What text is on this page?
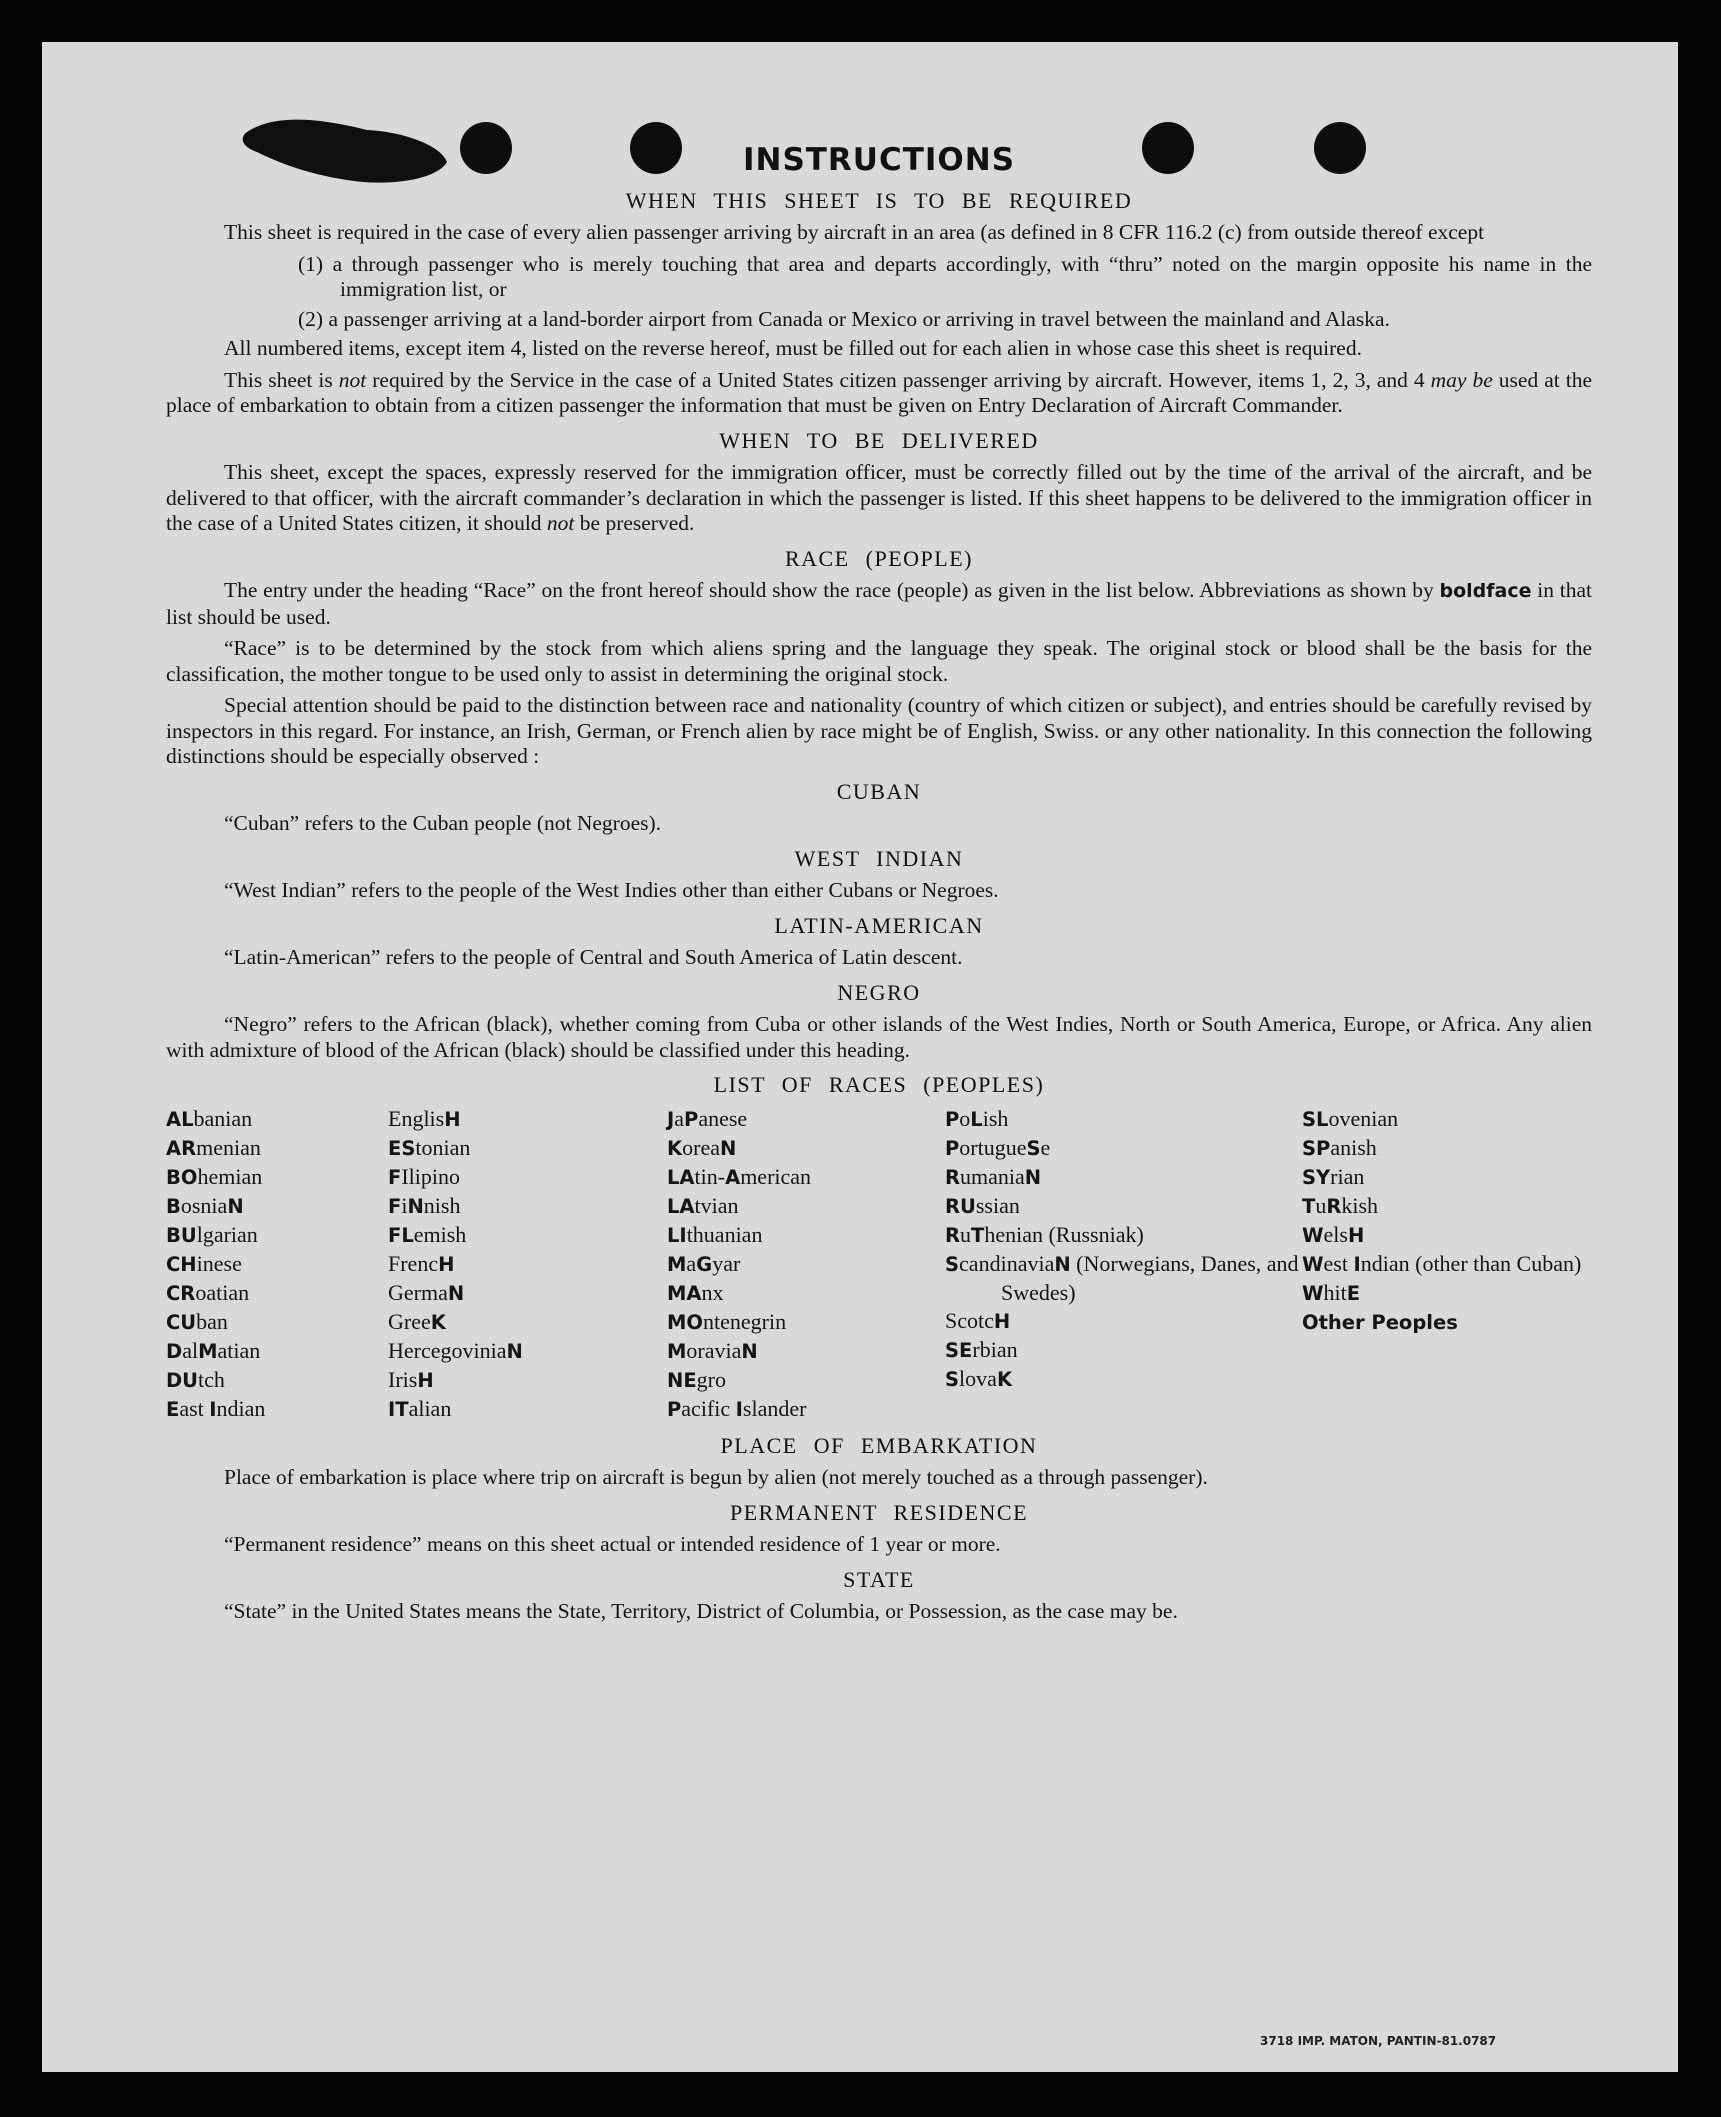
INSTRUCTIONS
WHEN THIS SHEET IS TO BE REQUIRED

This sheet is required in the case of every alien passenger arriving by aircraft in an area (as defined in 8 CFR 116.2 (c) from outside thereof except

(1) a through passenger who is merely touching that area and departs accordingly, with “thru” noted on the margin opposite his name in the immigration list, or

(2) a passenger arriving at a land-border airport from Canada or Mexico or arriving in travel between the mainland and Alaska.

All numbered items, except item 4, listed on the reverse hereof, must be filled out for each alien in whose case this sheet is required.

This sheet is not required by the Service in the case of a United States citizen passenger arriving by aircraft. However, items 1, 2, 3, and 4 may be used at the place of embarkation to obtain from a citizen passenger the information that must be given on Entry Declaration of Aircraft Commander.

WHEN TO BE DELIVERED

This sheet, except the spaces, expressly reserved for the immigration officer, must be correctly filled out by the time of the arrival of the aircraft, and be delivered to that officer, with the aircraft commander’s declaration in which the passenger is listed. If this sheet happens to be delivered to the immigration officer in the case of a United States citizen, it should not be preserved.

RACE (PEOPLE)

The entry under the heading “Race” on the front hereof should show the race (people) as given in the list below. Abbreviations as shown by boldface in that list should be used.

“Race” is to be determined by the stock from which aliens spring and the language they speak. The original stock or blood shall be the basis for the classification, the mother tongue to be used only to assist in determining the original stock.

Special attention should be paid to the distinction between race and nationality (country of which citizen or subject), and entries should be carefully revised by inspectors in this regard. For instance, an Irish, German, or French alien by race might be of English, Swiss. or any other nationality. In this connection the following distinctions should be especially observed :

CUBAN

“Cuban” refers to the Cuban people (not Negroes).

WEST INDIAN

“West Indian” refers to the people of the West Indies other than either Cubans or Negroes.

LATIN-AMERICAN

“Latin-American” refers to the people of Central and South America of Latin descent.

NEGRO

“Negro” refers to the African (black), whether coming from Cuba or other islands of the West Indies, North or South America, Europe, or Africa. Any alien with admixture of blood of the African (black) should be classified under this heading.

LIST OF RACES (PEOPLES)
ALbanian
ARmenian
BOhemian
BosniaN
BUlgarian
CHinese
CRoatian
CUban
DalMatian
DUtch
East Indian
EnglisH
EStonian
FIlipino
FiNnish
FLemish
FrencH
GermaN
GreeK
HercegoviniaN
IrisH
ITalian
JaPanese
KoreaN
LAtin-American
LAtvian
LIthuanian
MaGyar
MAnx
MOntenegrin
MoraviaN
NEgro
Pacific Islander
PoLish
PortugueSe
RumaniaN
RUssian
RuThenian (Russniak)
ScandinaviaN (Norwegians, Danes, and Swedes)
ScotcH
SErbian
SlovaK
SLovenian
SPanish
SYrian
TuRkish
WelsH
West Indian (other than Cuban)
WhitE
Other Peoples
PLACE OF EMBARKATION

Place of embarkation is place where trip on aircraft is begun by alien (not merely touched as a through passenger).

PERMANENT RESIDENCE

“Permanent residence” means on this sheet actual or intended residence of 1 year or more.

STATE

“State” in the United States means the State, Territory, District of Columbia, or Possession, as the case may be.

3718 IMP. MATON, PANTIN-81.0787
